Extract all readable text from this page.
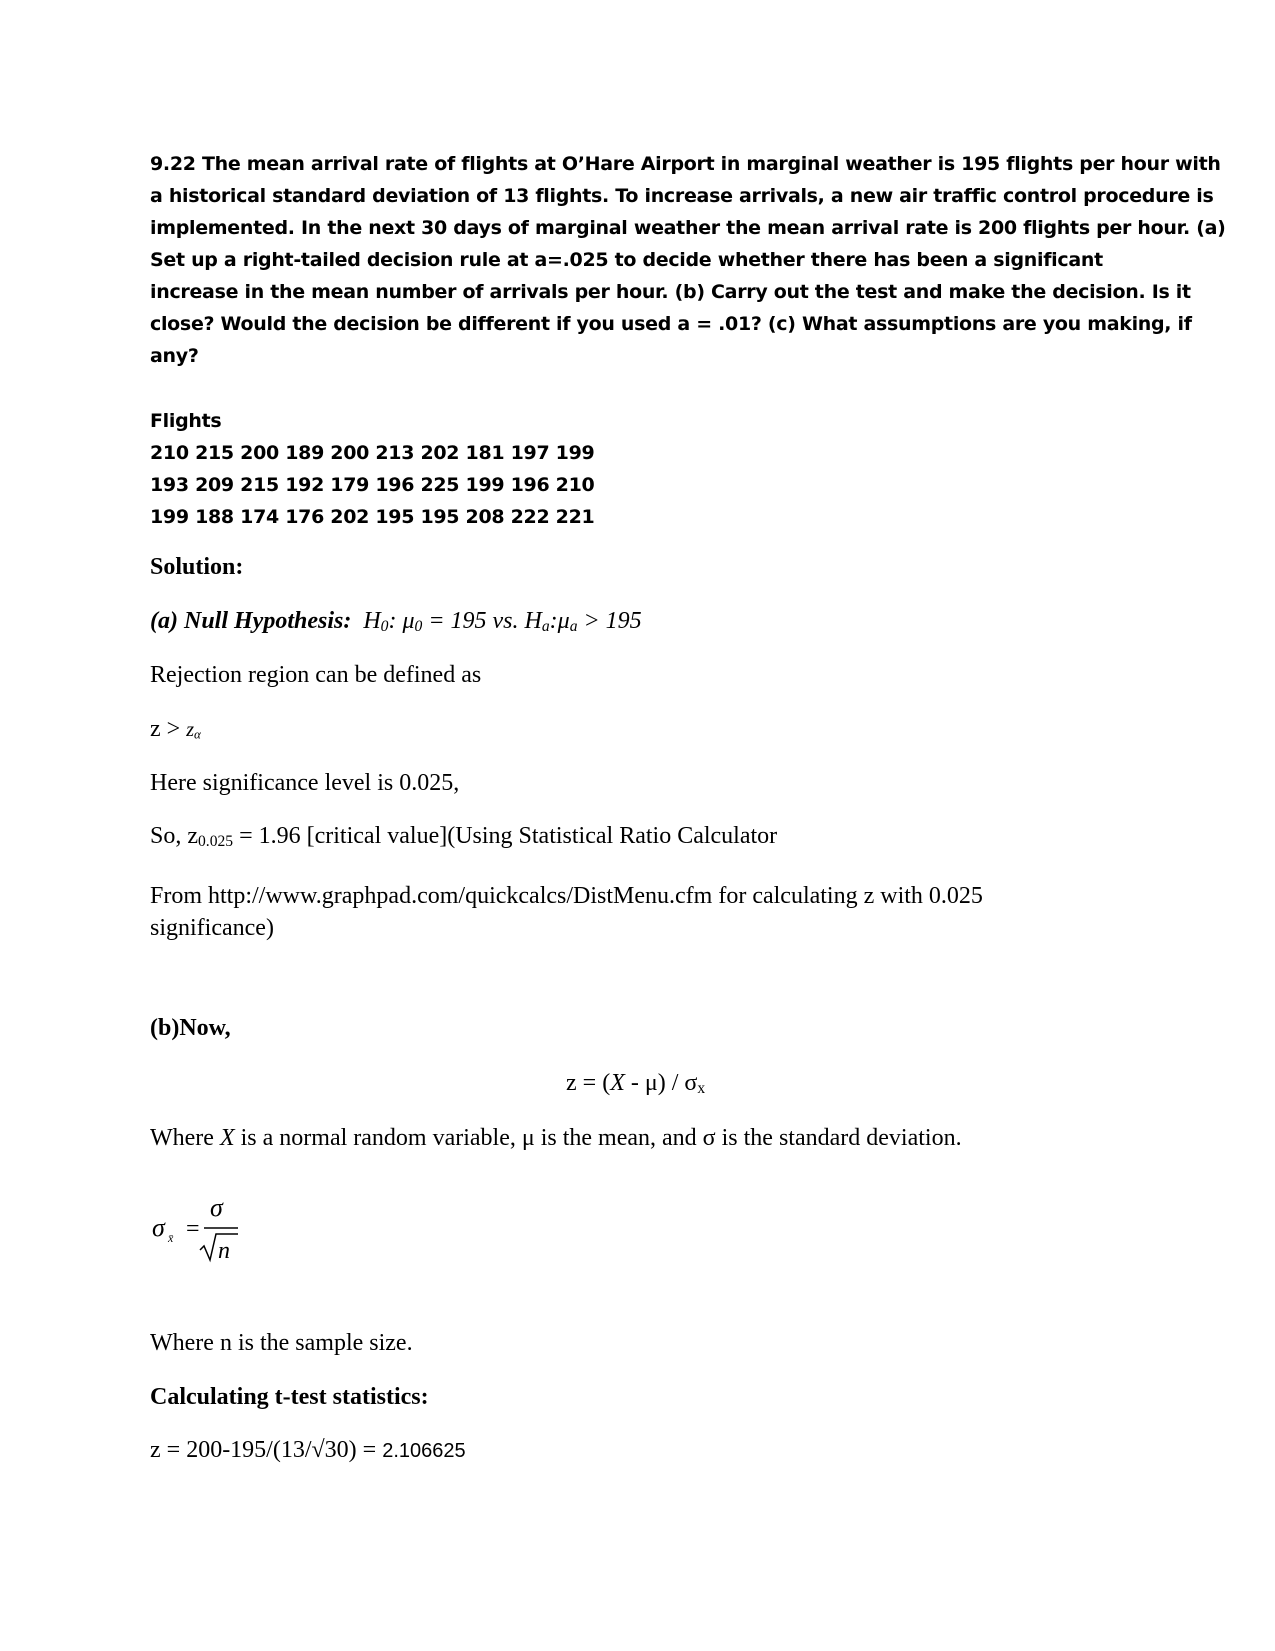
9.22 The mean arrival rate of flights at O’Hare Airport in marginal weather is 195 flights per hour with
a historical standard deviation of 13 flights. To increase arrivals, a new air traffic control procedure is
implemented. In the next 30 days of marginal weather the mean arrival rate is 200 flights per hour. (a)
Set up a right-tailed decision rule at a=.025 to decide whether there has been a significant
increase in the mean number of arrivals per hour. (b) Carry out the test and make the decision. Is it
close? Would the decision be different if you used a = .01? (c) What assumptions are you making, if
any?
Flights
210 215 200 189 200 213 202 181 197 199
193 209 215 192 179 196 225 199 196 210
199 188 174 176 202 195 195 208 222 221
Solution:
(a) Null Hypothesis: $H_0$: $\mu_0 = 195$ vs. $H_a:\mu_a > 195$
Rejection region can be defined as
$z > z_\alpha$
Here significance level is 0.025,
So, $z_{0.025} = 1.96$ [critical value](Using Statistical Ratio Calculator
From http://www.graphpad.com/quickcalcs/DistMenu.cfm for calculating z with 0.025
significance)
(b)Now,
$z = (X - \mu) / \sigma_x$
Where X is a normal random variable, μ is the mean, and σ is the standard deviation.
σ x̄ =
σ
n
Where n is the sample size.
Calculating t-test statistics:
z = 200-195/(13/√30) = 2.106625
